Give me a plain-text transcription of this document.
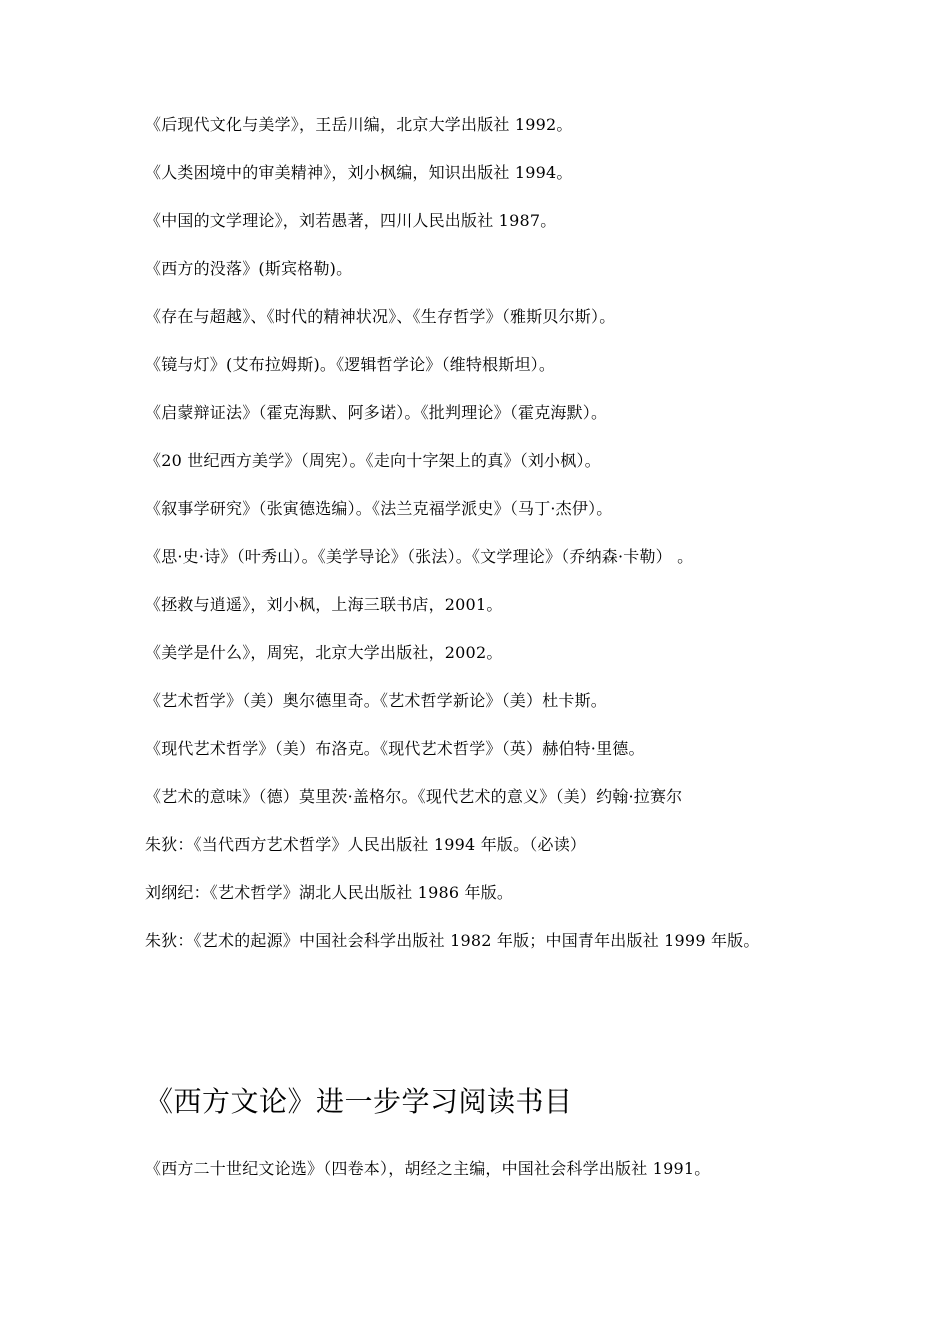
《后现代文化与美学》，王岳川编，北京大学出版社 1992。

《人类困境中的审美精神》，刘小枫编，知识出版社 1994。

《中国的文学理论》，刘若愚著，四川人民出版社 1987。

《西方的没落》(斯宾格勒)。

《存在与超越》、《时代的精神状况》、《生存哲学》（雅斯贝尔斯）。

《镜与灯》(艾布拉姆斯)。《逻辑哲学论》（维特根斯坦）。

《启蒙辩证法》（霍克海默、阿多诺）。《批判理论》（霍克海默）。

《20 世纪西方美学》（周宪）。《走向十字架上的真》（刘小枫）。

《叙事学研究》（张寅德选编）。《法兰克福学派史》（马丁·杰伊）。

《思·史·诗》（叶秀山）。《美学导论》（张法）。《文学理论》（乔纳森·卡勒） 。

《拯救与逍遥》，刘小枫，上海三联书店，2001。

《美学是什么》，周宪，北京大学出版社，2002。

《艺术哲学》（美）奥尔德里奇。《艺术哲学新论》（美）杜卡斯。

《现代艺术哲学》（美）布洛克。《现代艺术哲学》（英）赫伯特·里德。

《艺术的意味》（德）莫里茨·盖格尔。《现代艺术的意义》（美）约翰·拉赛尔

朱狄：《当代西方艺术哲学》人民出版社 1994 年版。（必读）

刘纲纪：《艺术哲学》湖北人民出版社 1986 年版。

朱狄：《艺术的起源》中国社会科学出版社 1982 年版；中国青年出版社 1999 年版。

《西方文论》进一步学习阅读书目

《西方二十世纪文论选》（四卷本），胡经之主编，中国社会科学出版社 1991。
